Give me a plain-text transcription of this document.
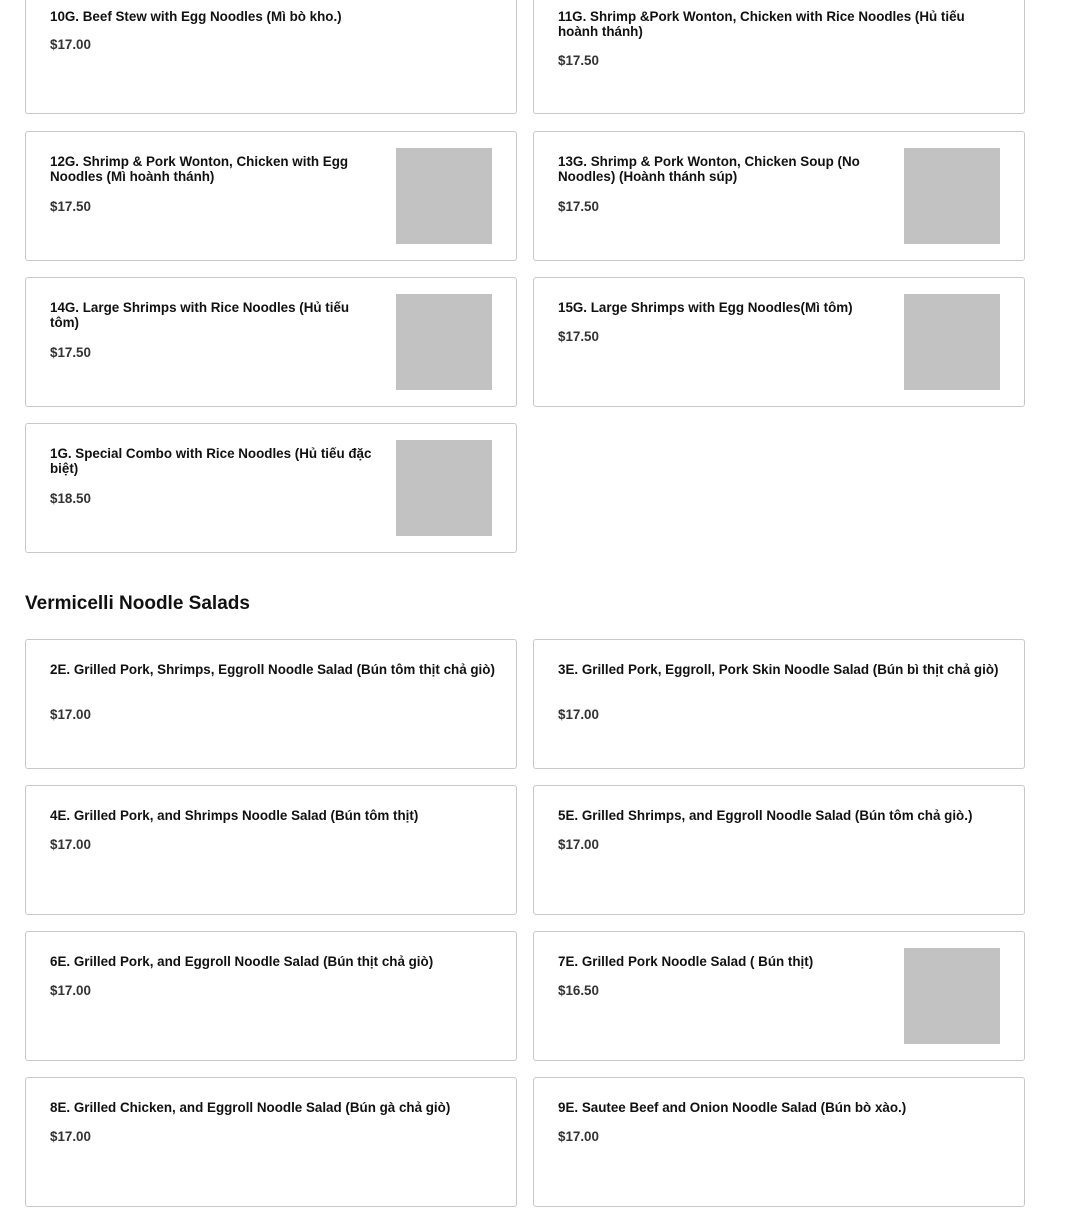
10G. Beef Stew with Egg Noodles (Mì bò kho.)
$17.00
11G. Shrimp &Pork Wonton, Chicken with Rice Noodles (Hủ tiếu hoành thánh)
$17.50
12G. Shrimp & Pork Wonton, Chicken with Egg Noodles (Mì hoành thánh)
$17.50
13G. Shrimp & Pork Wonton, Chicken Soup (No Noodles) (Hoành thánh súp)
$17.50
14G. Large Shrimps with Rice Noodles (Hủ tiếu tôm)
$17.50
15G. Large Shrimps with Egg Noodles(Mì tôm)
$17.50
1G. Special Combo with Rice Noodles (Hủ tiếu đặc biệt)
$18.50
Vermicelli Noodle Salads
2E. Grilled Pork, Shrimps, Eggroll Noodle Salad (Bún tôm thịt chả giò)
$17.00
3E. Grilled Pork, Eggroll, Pork Skin Noodle Salad (Bún bì thịt chả giò)
$17.00
4E. Grilled Pork, and Shrimps Noodle Salad (Bún tôm thịt)
$17.00
5E. Grilled Shrimps, and Eggroll Noodle Salad (Bún tôm chả giò.)
$17.00
6E. Grilled Pork, and Eggroll Noodle Salad (Bún thịt chả giò)
$17.00
7E. Grilled Pork Noodle Salad ( Bún thịt)
$16.50
8E. Grilled Chicken, and Eggroll Noodle Salad (Bún gà chả giò)
$17.00
9E. Sautee Beef and Onion Noodle Salad (Bún bò xào.)
$17.00
